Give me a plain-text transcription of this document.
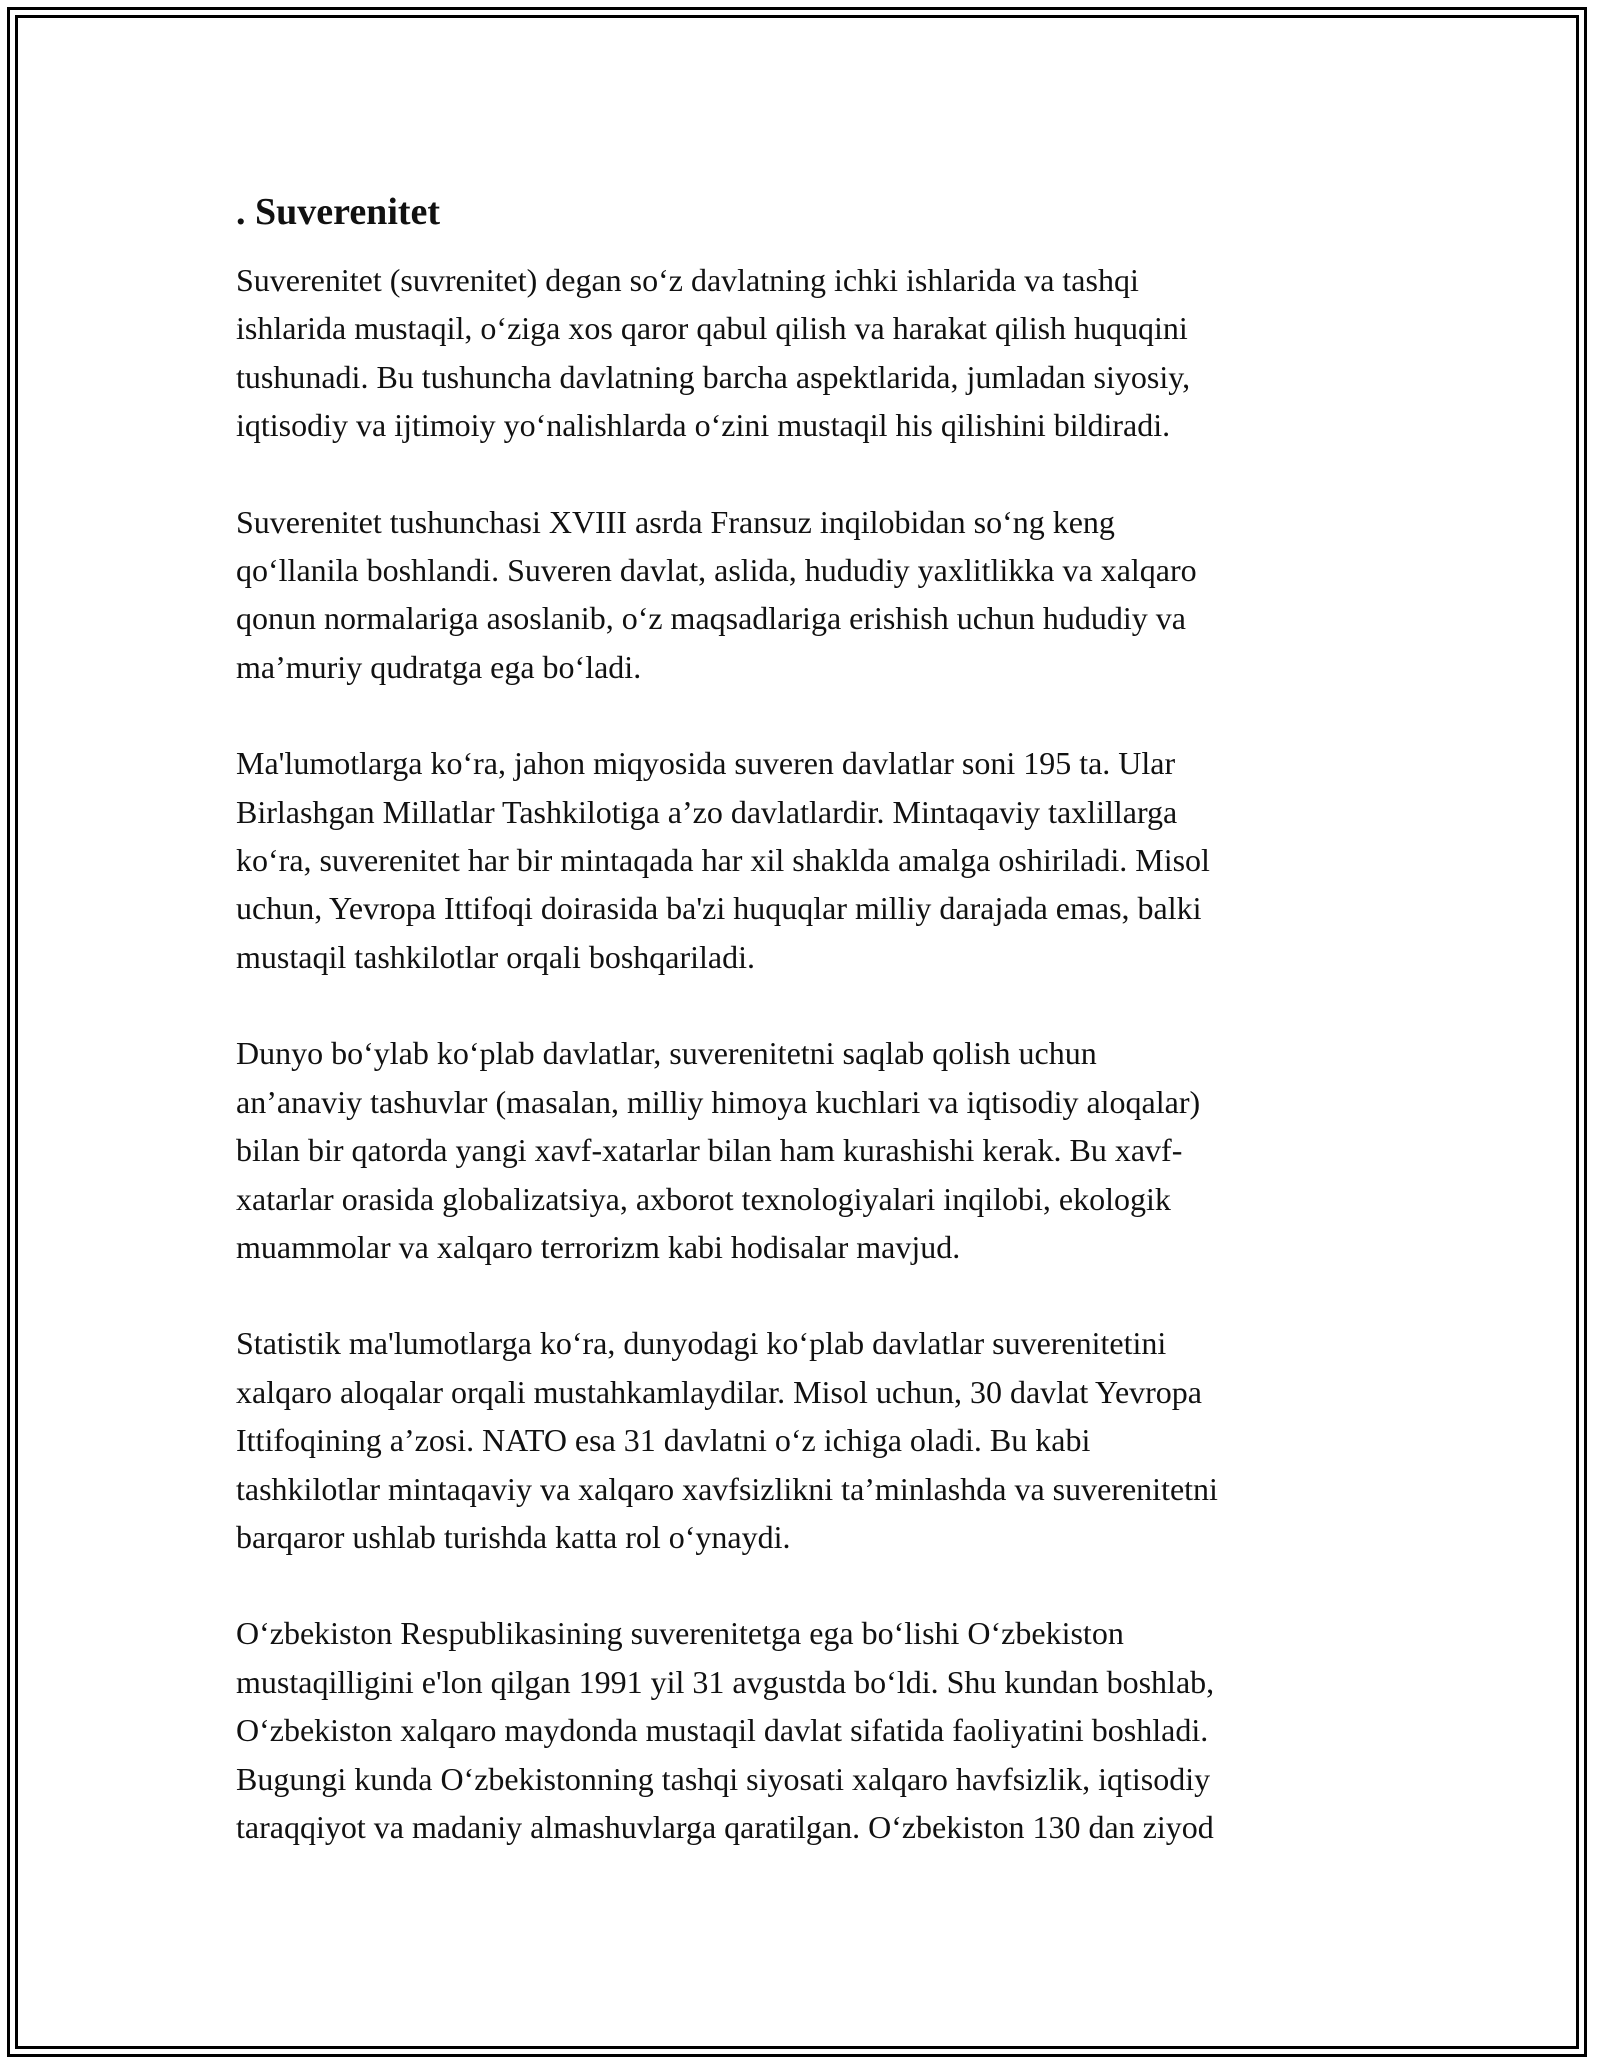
. Suverenitet

Suverenitet (suvrenitet) degan so‘z davlatning ichki ishlarida va tashqi
ishlarida mustaqil, o‘ziga xos qaror qabul qilish va harakat qilish huquqini
tushunadi. Bu tushuncha davlatning barcha aspektlarida, jumladan siyosiy,
iqtisodiy va ijtimoiy yo‘nalishlarda o‘zini mustaqil his qilishini bildiradi.

Suverenitet tushunchasi XVIII asrda Fransuz inqilobidan so‘ng keng
qo‘llanila boshlandi. Suveren davlat, aslida, hududiy yaxlitlikka va xalqaro
qonun normalariga asoslanib, o‘z maqsadlariga erishish uchun hududiy va
ma’muriy qudratga ega bo‘ladi.

Ma'lumotlarga ko‘ra, jahon miqyosida suveren davlatlar soni 195 ta. Ular
Birlashgan Millatlar Tashkilotiga a’zo davlatlardir. Mintaqaviy taxlillarga
ko‘ra, suverenitet har bir mintaqada har xil shaklda amalga oshiriladi. Misol
uchun, Yevropa Ittifoqi doirasida ba'zi huquqlar milliy darajada emas, balki
mustaqil tashkilotlar orqali boshqariladi.

Dunyo bo‘ylab ko‘plab davlatlar, suverenitetni saqlab qolish uchun
an’anaviy tashuvlar (masalan, milliy himoya kuchlari va iqtisodiy aloqalar)
bilan bir qatorda yangi xavf-xatarlar bilan ham kurashishi kerak. Bu xavf-
xatarlar orasida globalizatsiya, axborot texnologiyalari inqilobi, ekologik
muammolar va xalqaro terrorizm kabi hodisalar mavjud.

Statistik ma'lumotlarga ko‘ra, dunyodagi ko‘plab davlatlar suverenitetini
xalqaro aloqalar orqali mustahkamlaydilar. Misol uchun, 30 davlat Yevropa
Ittifoqining a’zosi. NATO esa 31 davlatni o‘z ichiga oladi. Bu kabi
tashkilotlar mintaqaviy va xalqaro xavfsizlikni ta’minlashda va suverenitetni
barqaror ushlab turishda katta rol o‘ynaydi.

O‘zbekiston Respublikasining suverenitetga ega bo‘lishi O‘zbekiston
mustaqilligini e'lon qilgan 1991 yil 31 avgustda bo‘ldi. Shu kundan boshlab,
O‘zbekiston xalqaro maydonda mustaqil davlat sifatida faoliyatini boshladi.
Bugungi kunda O‘zbekistonning tashqi siyosati xalqaro havfsizlik, iqtisodiy
taraqqiyot va madaniy almashuvlarga qaratilgan. O‘zbekiston 130 dan ziyod
